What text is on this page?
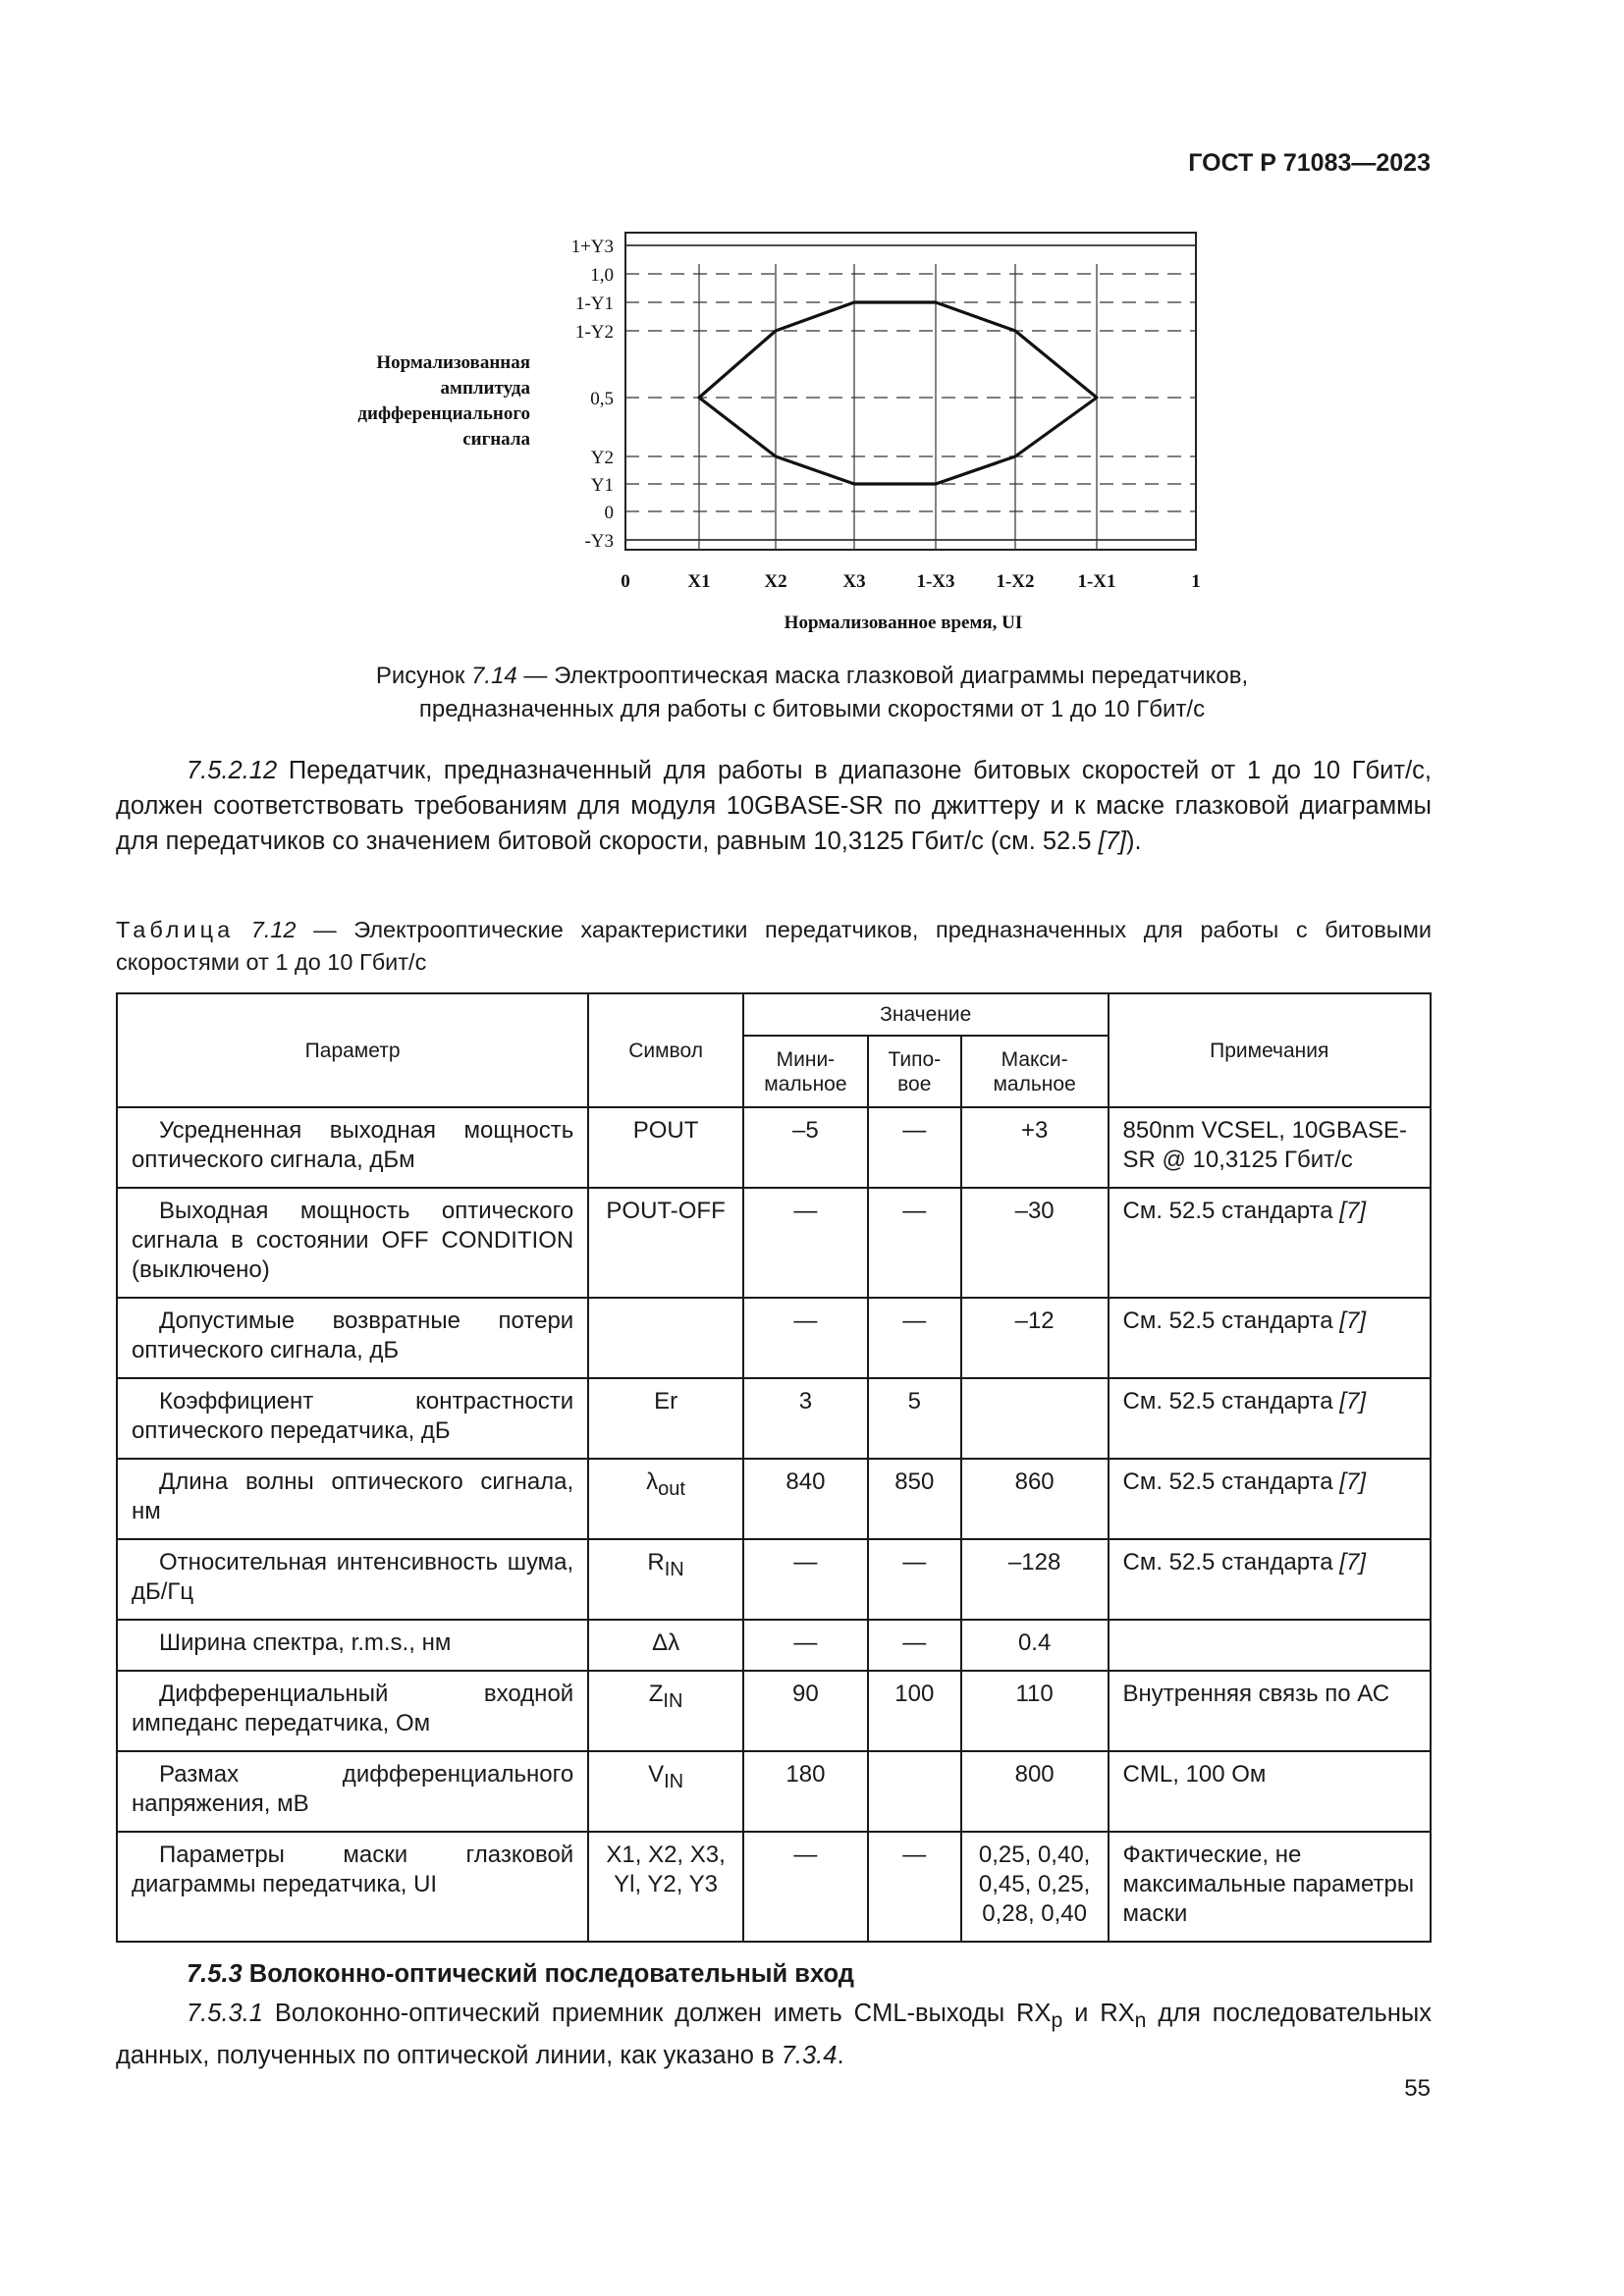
ГОСТ Р 71083—2023
1+Y3
1,0
1-Y1
1-Y2
0,5
Y2
Y1
0
-Y3
0	X1	X2	X3	1-X3 1-X2 1-X1	1
Нормализованное время, UI
Нормализованная
амплитуда
дифференциального
сигнала
Рисунок 7.14 — Электрооптическая маска глазковой диаграммы передатчиков,
предназначенных для работы с битовыми скоростями от 1 до 10 Гбит/с
7.5.2.12 Передатчик, предназначенный для работы в диапазоне битовых скоростей от 1 до 10 Гбит/с, должен соответствовать требованиям для модуля 10GBASE-SR по джиттеру и к маске глазковой диаграммы для передатчиков со значением битовой скорости, равным 10,3125 Гбит/с (см. 52.5 [7]).
Таблица 7.12 — Электрооптические характеристики передатчиков, предназначенных для работы с битовыми скоростями от 1 до 10 Гбит/с
Параметр	Символ	Значение			Примечания
		Мини-мальное	Типо-вое	Макси-мальное	
Усредненная выходная мощность оптического сигнала, дБм	POUT	–5	—	+3	850nm VCSEL, 10GBASE-SR @ 10,3125 Гбит/с
Выходная мощность оптического сигнала в состоянии OFF CONDITION (выключено)	POUT-OFF	—	—	–30	См. 52.5 стандарта [7]
Допустимые возвратные потери оптического сигнала, дБ		—	—	–12	См. 52.5 стандарта [7]
Коэффициент контрастности оптического передатчика, дБ	Er	3	5		См. 52.5 стандарта [7]
Длина волны оптического сигнала, нм	$\lambda_{out}$	840	850	860	См. 52.5 стандарта [7]
Относительная интенсивность шума, дБ/Гц	$R_{IN}$	—	—	–128	См. 52.5 стандарта [7]
Ширина спектра, r.m.s., нм	Δλ	—	—	0.4	
Дифференциальный входной импеданс передатчика, Ом	$Z_{IN}$	90	100	110	Внутренняя связь по АС
Размах дифференциального напряжения, мВ	$V_{IN}$	180		800	CML, 100 Ом
Параметры маски глазковой диаграммы передатчика, UI	X1, X2, X3, Yl, Y2, Y3	—	—	0,25, 0,40, 0,45, 0,25, 0,28, 0,40	Фактические, не максимальные параметры маски
7.5.3 Волоконно-оптический последовательный вход
7.5.3.1 Волоконно-оптический приемник должен иметь CML-выходы $RX_p$ и $RX_n$ для последовательных данных, полученных по оптической линии, как указано в 7.3.4.
55
